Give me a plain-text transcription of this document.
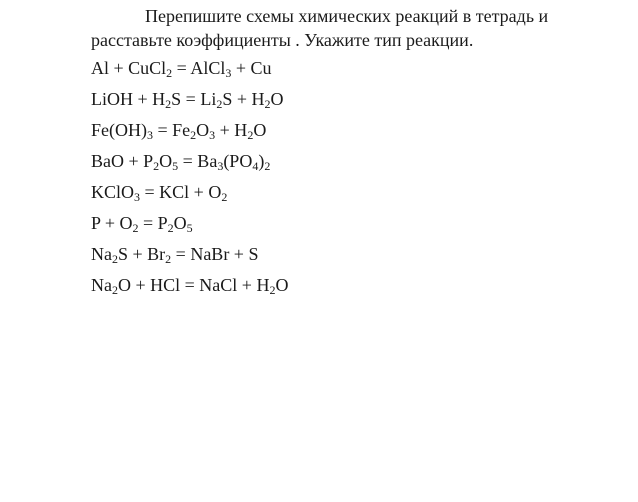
Перепишите схемы химических реакций в тетрадь и расставьте коэффициенты . Укажите тип реакции.

Al + CuCl$_2$ = AlCl$_3$ + Cu
LiOH + $H_2S = Li_2S + H_2O$
$Fe(OH)_3 = Fe_2O_3 + H_2O$
BaO + $P_2O_5 = Ba_3(PO_4)_2$
KClO$_3$ = KCl + $O_2$
$P + O_2 = P_2O_5$
$Na_2S + Br_2$ = NaBr + S
$Na_2O$ + HCl = NaCl + $H_2O$
